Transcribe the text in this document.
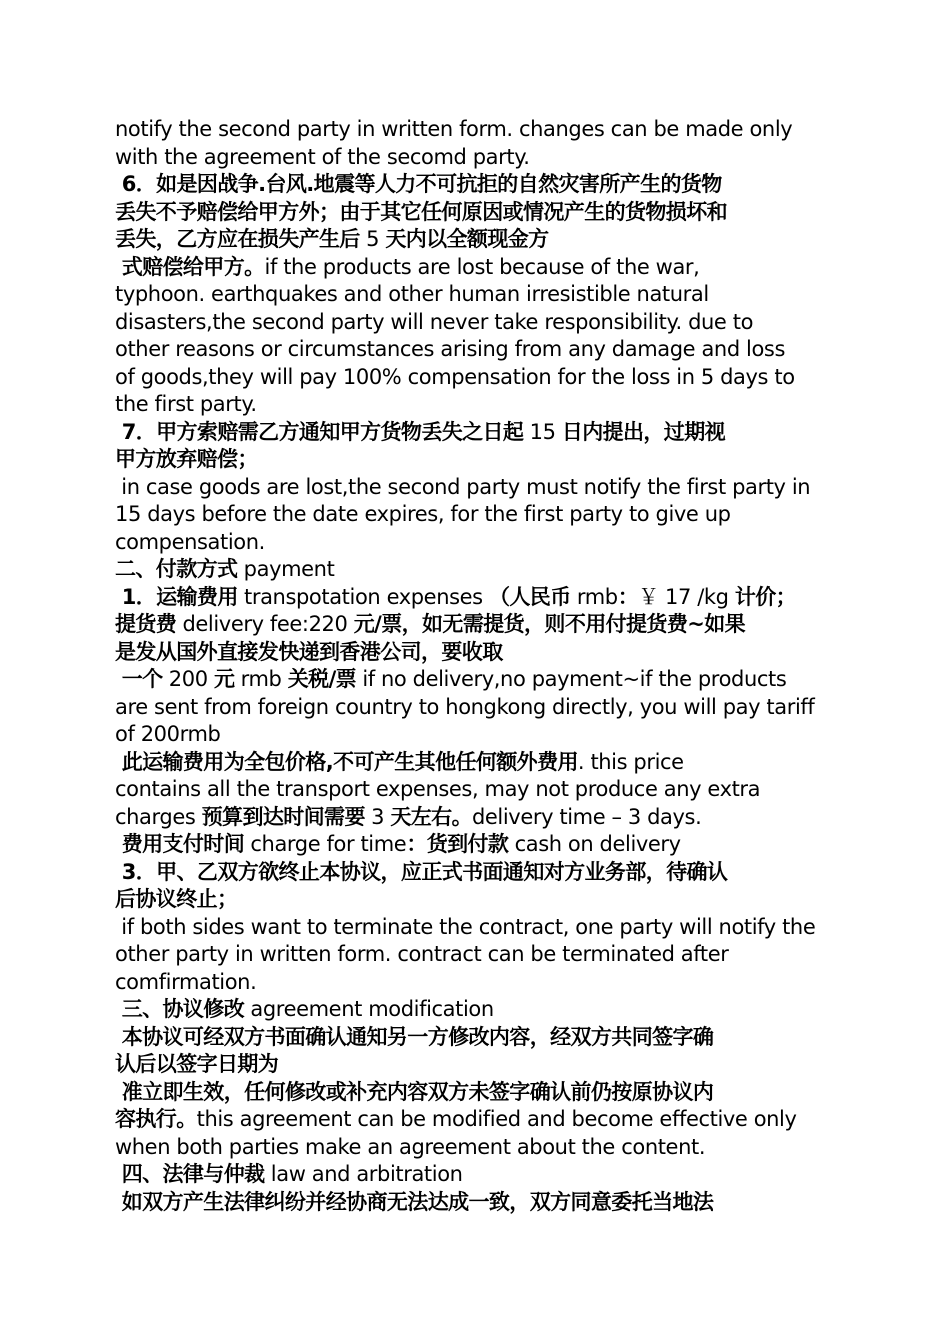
notify the second party in written form. changes can be made only
with the agreement of the secomd party.
6．如是因战争.台风.地震等人力不可抗拒的自然灾害所产生的货物
丢失不予赔偿给甲方外；由于其它任何原因或情况产生的货物损坏和
丢失，乙方应在损失产生后 5 天内以全额现金方
式赔偿给甲方。if the products are lost because of the war,
typhoon. earthquakes and other human irresistible natural
disasters,the second party will never take responsibility. due to
other reasons or circumstances arising from any damage and loss
of goods,they will pay 100% compensation for the loss in 5 days to
the first party.
7．甲方索赔需乙方通知甲方货物丢失之日起 15 日内提出，过期视
甲方放弃赔偿；
in case goods are lost,the second party must notify the first party in
15 days before the date expires, for the first party to give up
compensation.
二、付款方式 payment
1．运输费用 transpotation expenses （人民币 rmb：￥ 17 /kg 计价；
提货费 delivery fee:220 元/票，如无需提货，则不用付提货费~如果
是发从国外直接发快递到香港公司，要收取
一个 200 元 rmb 关税/票 if no delivery,no payment~if the products
are sent from foreign country to hongkong directly, you will pay tariff
of 200rmb
此运输费用为全包价格,不可产生其他任何额外费用. this price
contains all the transport expenses, may not produce any extra
charges 预算到达时间需要 3 天左右。delivery time – 3 days.
费用支付时间 charge for time：货到付款 cash on delivery
3．甲、乙双方欲终止本协议，应正式书面通知对方业务部，待确认
后协议终止；
if both sides want to terminate the contract, one party will notify the
other party in written form. contract can be terminated after
comfirmation.
三、协议修改 agreement modification
本协议可经双方书面确认通知另一方修改内容，经双方共同签字确
认后以签字日期为
准立即生效，任何修改或补充内容双方未签字确认前仍按原协议内
容执行。this agreement can be modified and become effective only
when both parties make an agreement about the content.
四、法律与仲裁 law and arbitration
如双方产生法律纠纷并经协商无法达成一致，双方同意委托当地法
